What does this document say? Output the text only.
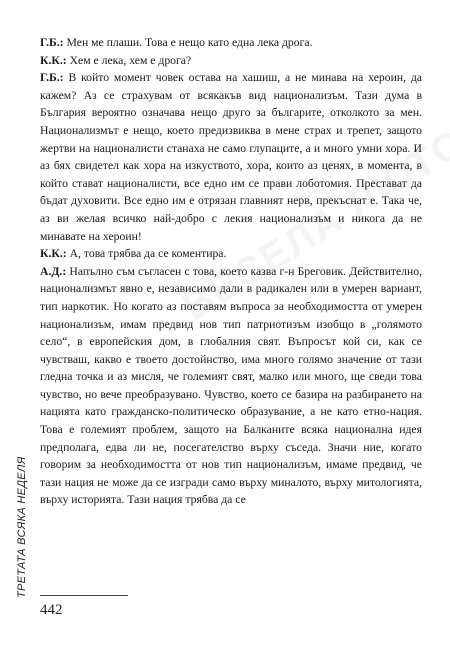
Г.Б.: Мен ме плаши. Това е нещо като една лека дрога.

К.К.: Хем е лека, хем е дрога?

Г.Б.: В който момент човек остава на хашиш, а не минава на хероин, да кажем? Аз се страхувам от всякакъв вид национализъм. Тази дума в България вероятно означава нещо друго за българите, отколкото за мен. Национализмът е нещо, което предизвиква в мене страх и трепет, защото жертви на националисти станаха не само глупаците, а и много умни хора. И аз бях свидетел как хора на изкуството, хора, които аз ценях, в момента, в който стават националисти, все едно им се прави лоботомия. Престават да бъдат духовити. Все едно им е отрязан главният нерв, прекъснат е. Така че, аз ви желая всичко най-добро с лекия национализъм и никога да не минавате на хероин!

К.К.: А, това трябва да се коментира.

А.Д.: Напълно съм съгласен с това, което казва г-н Бреговик. Действително, национализмът явно е, независимо дали в радикален или в умерен вариант, тип наркотик. Но когато аз поставям въпроса за необходимостта от умерен национализъм, имам предвид нов тип патриотизъм изобщо в „голямото село“, в европейския дом, в глобалния свят. Въпросът кой си, как се чувстваш, какво е твоето достойнство, има много голямо значение от тази гледна точка и аз мисля, че големият свят, малко или много, ще сведи това чувство, но вече преобразувано. Чувство, което се базира на разбирането на нацията като гражданско-политическо образувание, а не като етно-нация. Това е големият проблем, защото на Балканите всяка национална идея предполага, едва ли не, посегателство върху съседа. Значи ние, когато говорим за необходимостта от нов тип национализъм, имаме предвид, че тази нация не може да се изгради само върху миналото, върху митологията, върху историята. Тази нация трябва да се

ТРЕТАТА ВСЯКА НЕДЕЛЯ
442
